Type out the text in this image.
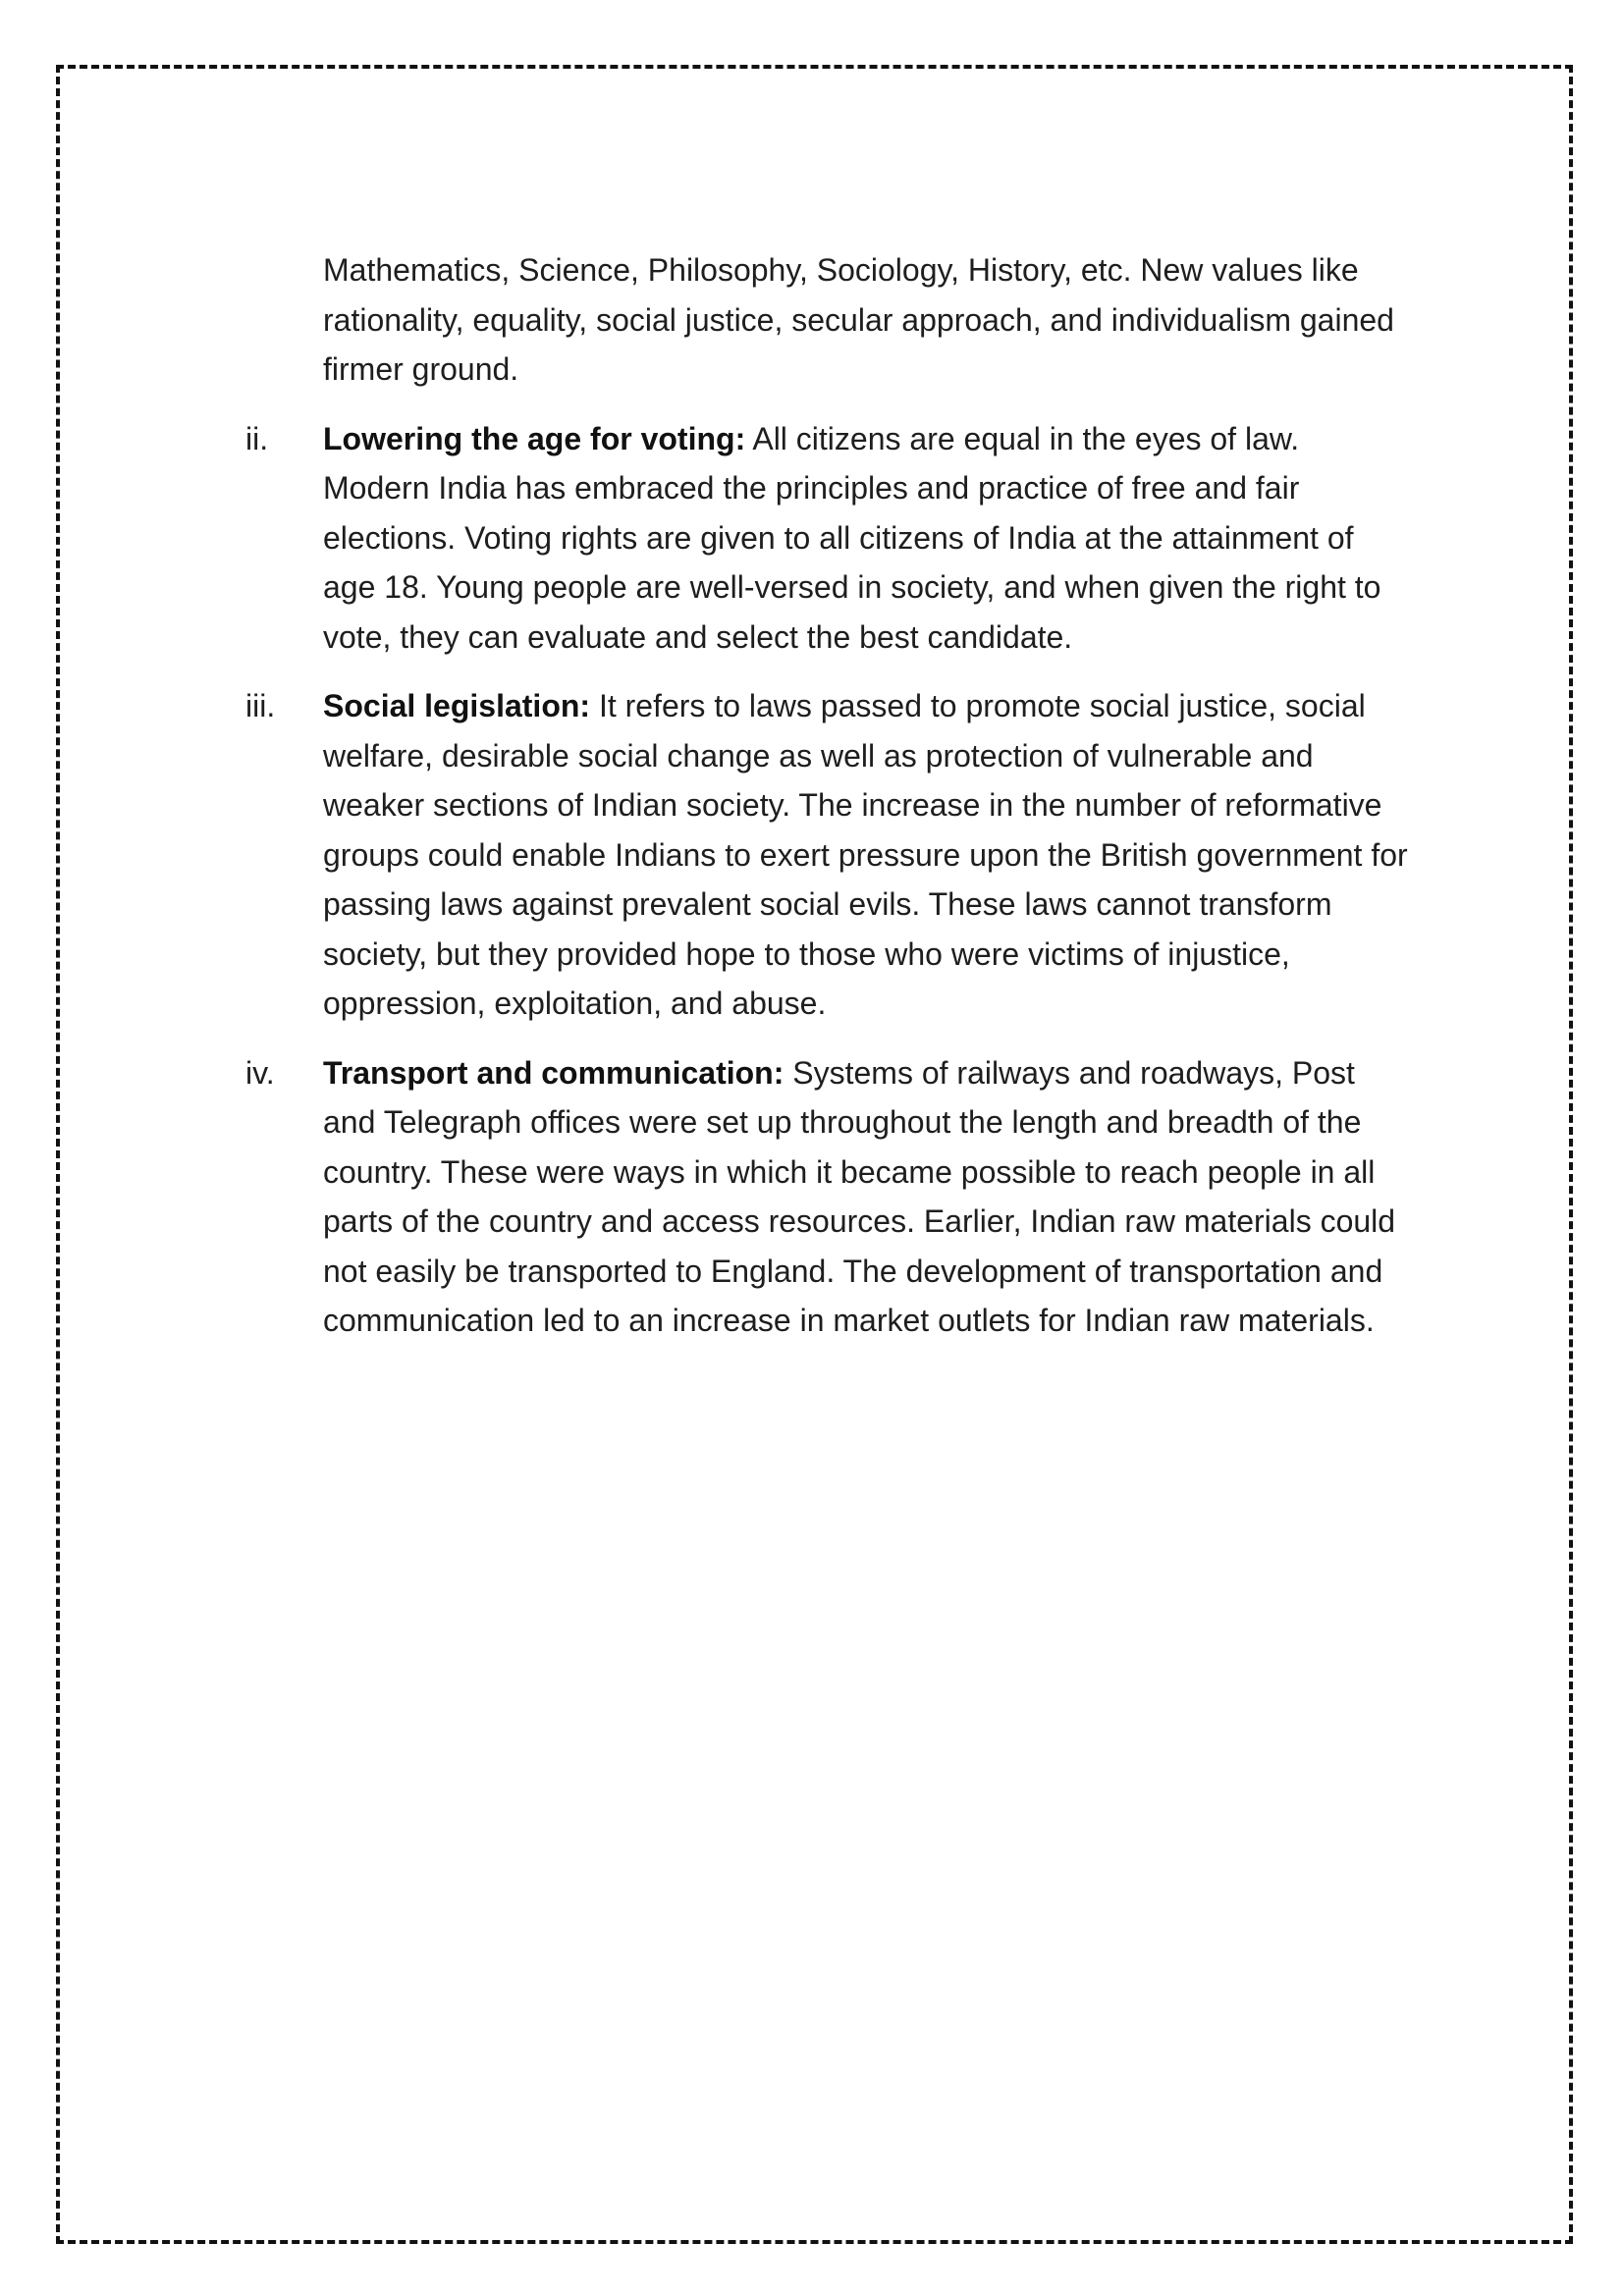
Mathematics, Science, Philosophy, Sociology, History, etc. New values like rationality, equality, social justice, secular approach, and individualism gained firmer ground.

ii.	Lowering the age for voting: All citizens are equal in the eyes of law. Modern India has embraced the principles and practice of free and fair elections. Voting rights are given to all citizens of India at the attainment of age 18. Young people are well-versed in society, and when given the right to vote, they can evaluate and select the best candidate.
iii.	Social legislation: It refers to laws passed to promote social justice, social welfare, desirable social change as well as protection of vulnerable and weaker sections of Indian society. The increase in the number of reformative groups could enable Indians to exert pressure upon the British government for passing laws against prevalent social evils. These laws cannot transform society, but they provided hope to those who were victims of injustice, oppression, exploitation, and abuse.
iv.	Transport and communication: Systems of railways and roadways, Post and Telegraph offices were set up throughout the length and breadth of the country. These were ways in which it became possible to reach people in all parts of the country and access resources. Earlier, Indian raw materials could not easily be transported to England. The development of transportation and communication led to an increase in market outlets for Indian raw materials.
